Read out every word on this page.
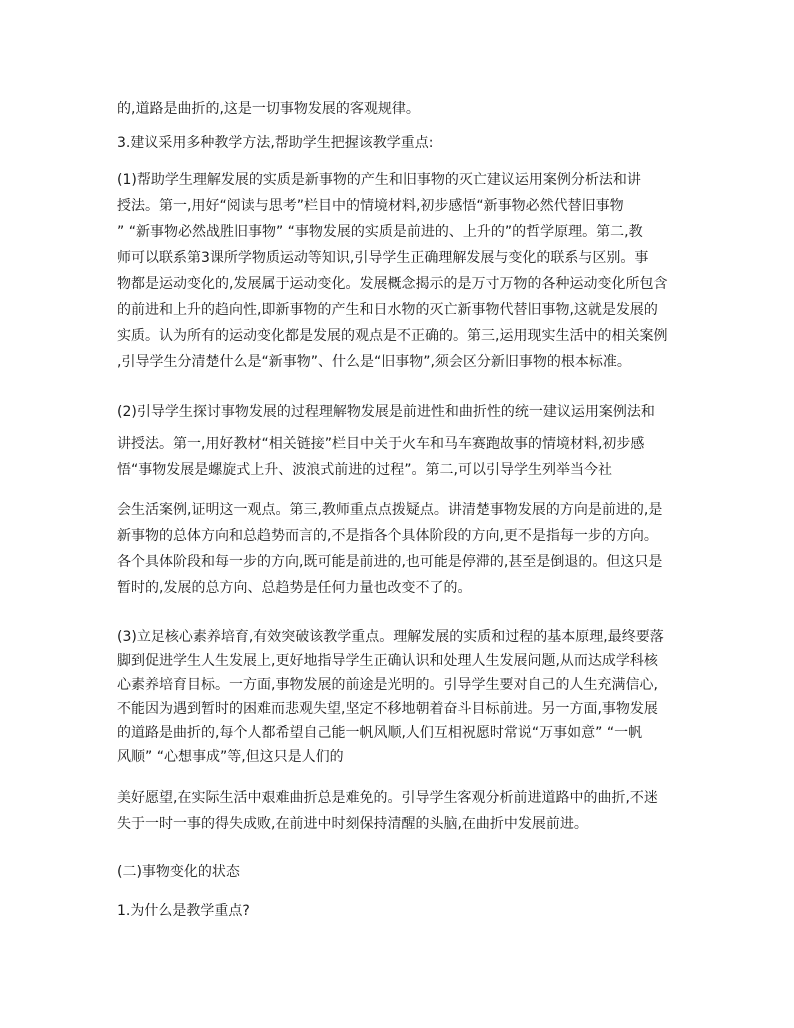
的,道路是曲折的,这是一切事物发展的客观规律。
3.建议采用多种教学方法,帮助学生把握该教学重点:
(1)帮助学生理解发展的实质是新事物的产生和旧事物的灭亡建议运用案例分析法和讲
授法。第一,用好“阅读与思考”栏目中的情境材料,初步感悟“新事物必然代替旧事物
” “新事物必然战胜旧事物” “事物发展的实质是前进的、上升的”的哲学原理。第二,教
师可以联系第3课所学物质运动等知识,引导学生正确理解发展与变化的联系与区别。事
物都是运动变化的,发展属于运动变化。发展概念揭示的是万寸万物的各种运动变化所包含
的前进和上升的趋向性,即新事物的产生和日水物的灭亡新事物代替旧事物,这就是发展的
实质。认为所有的运动变化都是发展的观点是不正确的。第三,运用现实生活中的相关案例
,引导学生分清楚什么是“新事物”、什么是“旧事物”,须会区分新旧事物的根本标准。
(2)引导学生探讨事物发展的过程理解物发展是前进性和曲折性的统一建议运用案例法和
讲授法。第一,用好教材“相关链接”栏目中关于火车和马车赛跑故事的情境材料,初步感
悟“事物发展是螺旋式上升、波浪式前进的过程”。第二,可以引导学生列举当今社
会生活案例,证明这一观点。第三,教师重点点拨疑点。讲清楚事物发展的方向是前进的,是
新事物的总体方向和总趋势而言的,不是指各个具体阶段的方向,更不是指每一步的方向。
各个具体阶段和每一步的方向,既可能是前进的,也可能是停滞的,甚至是倒退的。但这只是
暂时的,发展的总方向、总趋势是任何力量也改变不了的。
(3)立足核心素养培育,有效突破该教学重点。理解发展的实质和过程的基本原理,最终要落
脚到促进学生人生发展上,更好地指导学生正确认识和处理人生发展问题,从而达成学科核
心素养培育目标。一方面,事物发展的前途是光明的。引导学生要对自己的人生充满信心,
不能因为遇到暂时的困难而悲观失望,坚定不移地朝着奋斗目标前进。另一方面,事物发展
的道路是曲折的,每个人都希望自己能一帆风顺,人们互相祝愿时常说“万事如意” “一帆
风顺” “心想事成”等,但这只是人们的
美好愿望,在实际生活中艰难曲折总是难免的。引导学生客观分析前进道路中的曲折,不迷
失于一时一事的得失成败,在前进中时刻保持清醒的头脑,在曲折中发展前进。
(二)事物变化的状态
1.为什么是教学重点?
